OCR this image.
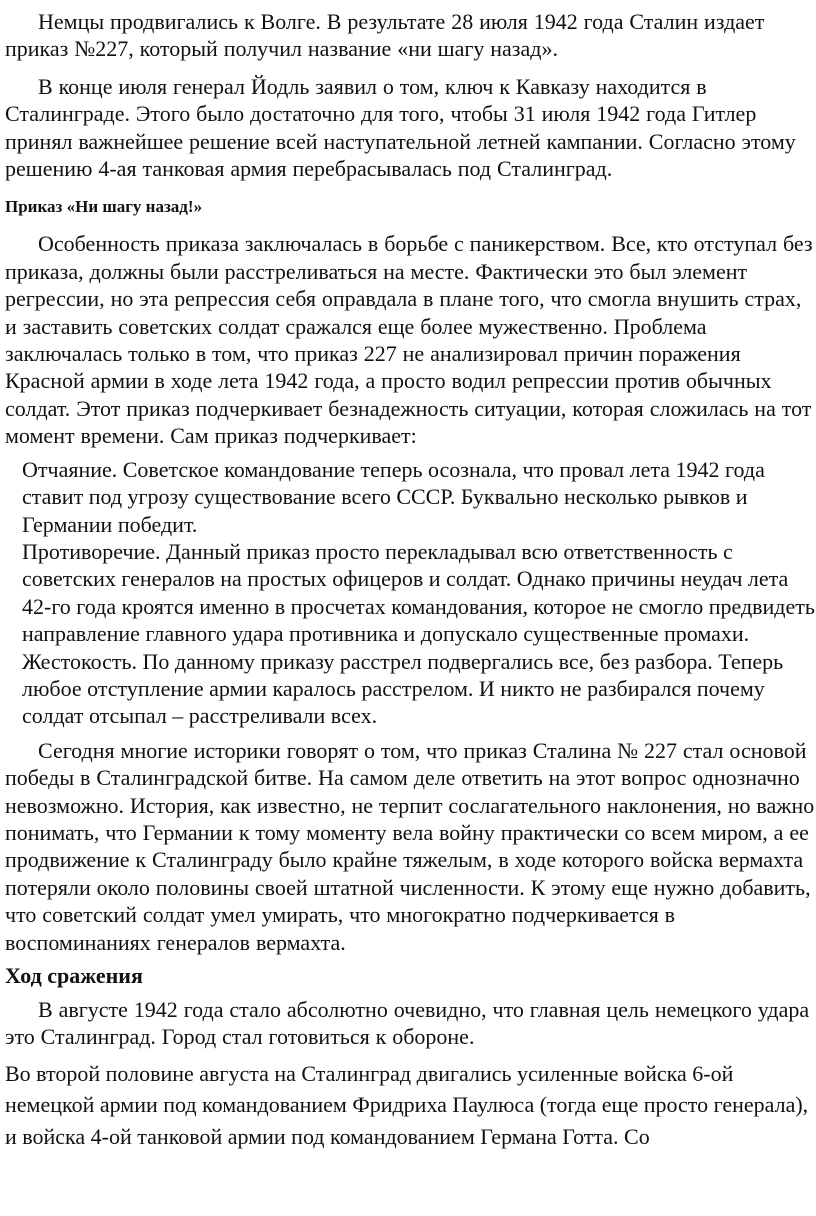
Немцы продвигались к Волге. В результате 28 июля 1942 года Сталин издает приказ №227, который получил название «ни шагу назад».

В конце июля генерал Йодль заявил о том, ключ к Кавказу находится в Сталинграде. Этого было достаточно для того, чтобы 31 июля 1942 года Гитлер принял важнейшее решение всей наступательной летней кампании. Согласно этому решению 4-ая танковая армия перебрасывалась под Сталинград.

Приказ «Ни шагу назад!»

Особенность приказа заключалась в борьбе с паникерством. Все, кто отступал без приказа, должны были расстреливаться на месте. Фактически это был элемент регрессии, но эта репрессия себя оправдала в плане того, что смогла внушить страх, и заставить советских солдат сражался еще более мужественно. Проблема заключалась только в том, что приказ 227 не анализировал причин поражения Красной армии в ходе лета 1942 года, а просто водил репрессии против обычных солдат. Этот приказ подчеркивает безнадежность ситуации, которая сложилась на тот момент времени. Сам приказ подчеркивает:

Отчаяние. Советское командование теперь осознала, что провал лета 1942 года ставит под угрозу существование всего СССР. Буквально несколько рывков и Германии победит.
Противоречие. Данный приказ просто перекладывал всю ответственность с советских генералов на простых офицеров и солдат. Однако причины неудач лета 42-го года кроятся именно в просчетах командования, которое не смогло предвидеть направление главного удара противника и допускало существенные промахи.
Жестокость. По данному приказу расстрел подвергались все, без разбора. Теперь любое отступление армии каралось расстрелом. И никто не разбирался почему солдат отсыпал – расстреливали всех.

Сегодня многие историки говорят о том, что приказ Сталина № 227 стал основой победы в Сталинградской битве. На самом деле ответить на этот вопрос однозначно невозможно. История, как известно, не терпит сослагательного наклонения, но важно понимать, что Германии к тому моменту вела войну практически со всем миром, а ее продвижение к Сталинграду было крайне тяжелым, в ходе которого войска вермахта потеряли около половины своей штатной численности. К этому еще нужно добавить, что советский солдат умел умирать, что многократно подчеркивается в воспоминаниях генералов вермахта.

Ход сражения

В августе 1942 года стало абсолютно очевидно, что главная цель немецкого удара это Сталинград. Город стал готовиться к обороне.

Во второй половине августа на Сталинград двигались усиленные войска 6-ой немецкой армии под командованием Фридриха Паулюса (тогда еще просто генерала), и войска 4-ой танковой армии под командованием Германа Готта. Со
